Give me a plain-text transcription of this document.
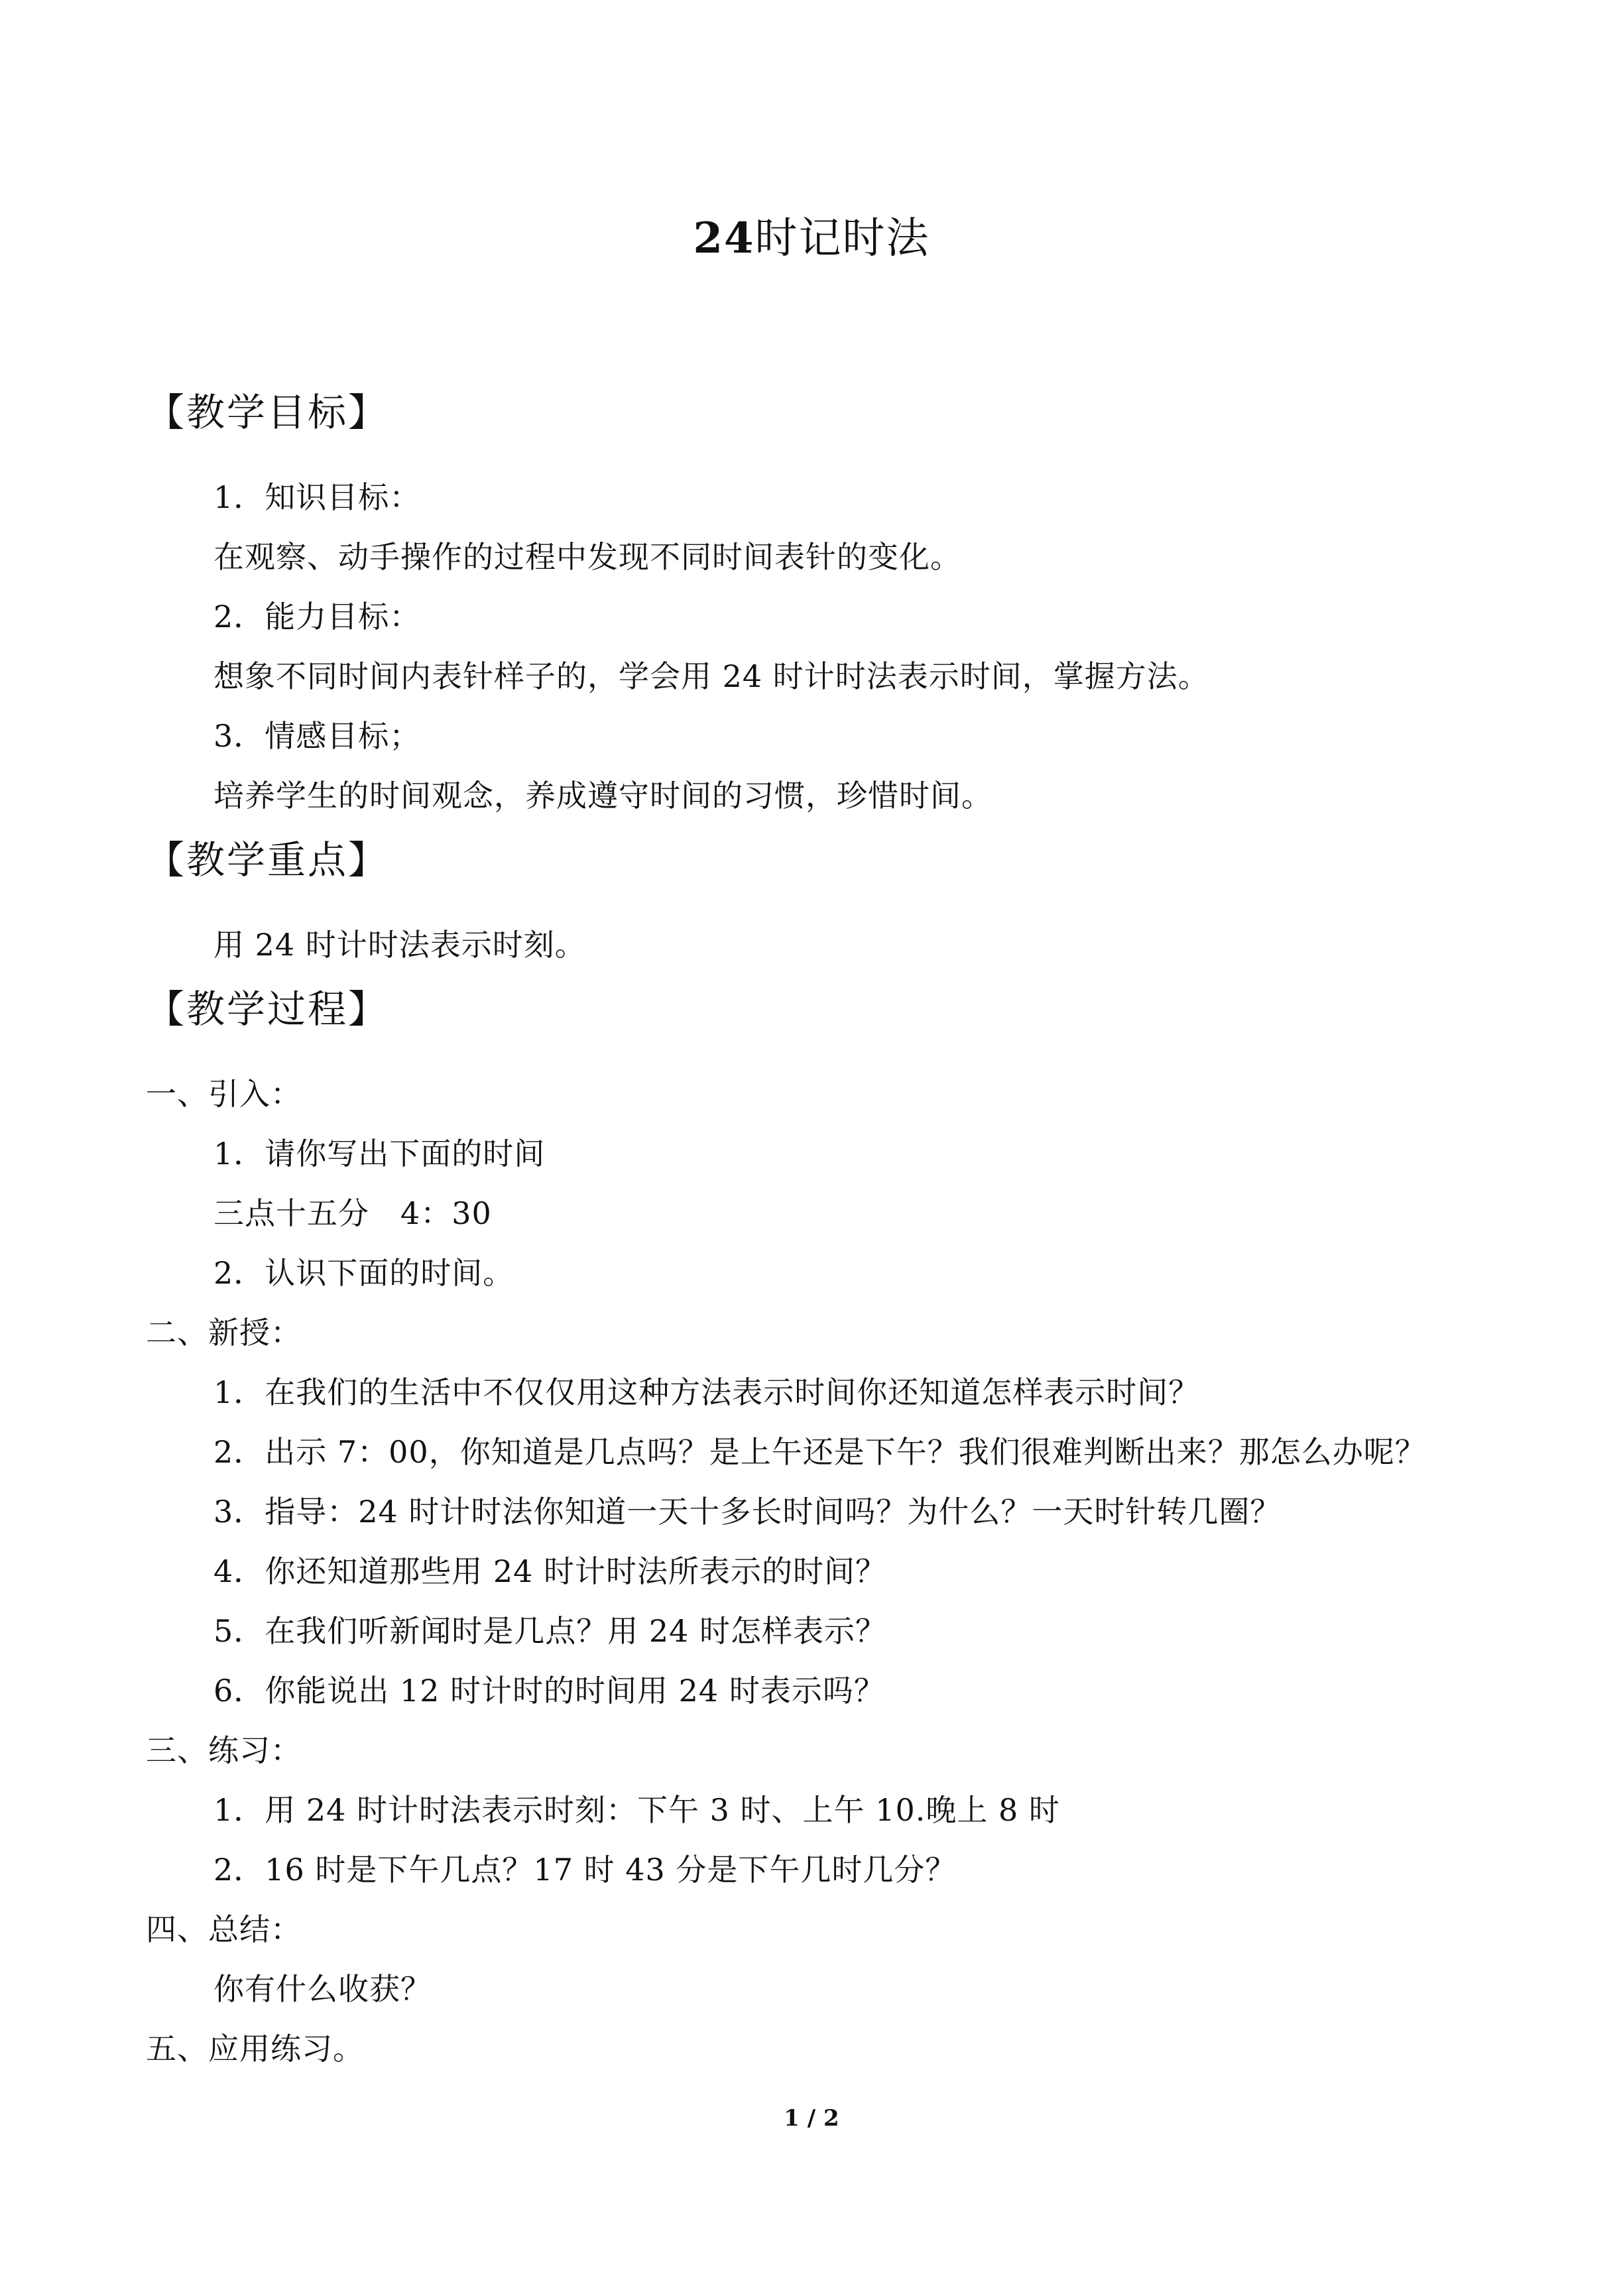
24时记时法
【教学目标】
1．知识目标：
在观察、动手操作的过程中发现不同时间表针的变化。
2．能力目标：
想象不同时间内表针样子的，学会用 24 时计时法表示时间，掌握方法。
3．情感目标；
培养学生的时间观念，养成遵守时间的习惯，珍惜时间。
【教学重点】
用 24 时计时法表示时刻。
【教学过程】
一、引入：
1．请你写出下面的时间
三点十五分　4：30
2．认识下面的时间。
二、新授：
1．在我们的生活中不仅仅用这种方法表示时间你还知道怎样表示时间？
2．出示 7：00，你知道是几点吗？是上午还是下午？我们很难判断出来？那怎么办呢？
3．指导：24 时计时法你知道一天十多长时间吗？为什么？一天时针转几圈？
4．你还知道那些用 24 时计时法所表示的时间？
5．在我们听新闻时是几点？用 24 时怎样表示？
6．你能说出 12 时计时的时间用 24 时表示吗？
三、练习：
1．用 24 时计时法表示时刻：下午 3 时、上午 10.晚上 8 时
2．16 时是下午几点？17 时 43 分是下午几时几分？
四、总结：
你有什么收获？
五、应用练习。
1 / 2
